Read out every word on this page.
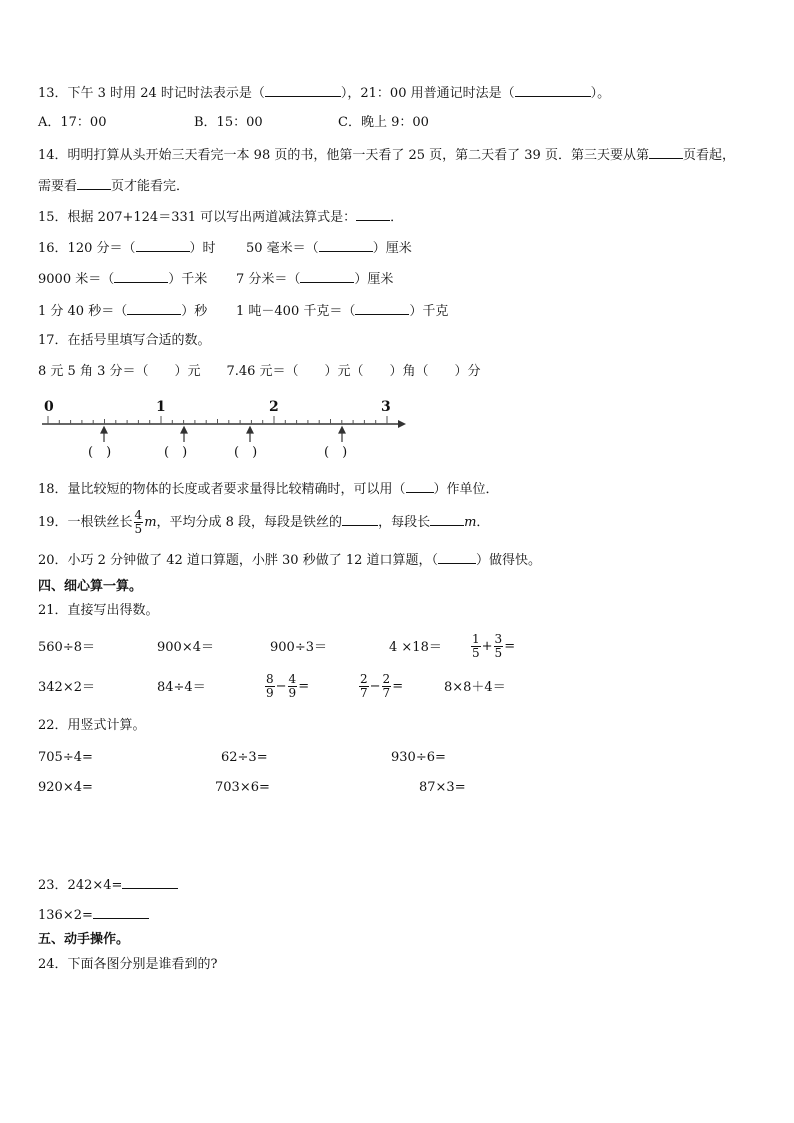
13．下午 3 时用 24 时记时法表示是（	），21：00 用普通记时法是（	）。
A．17：00	B．15：00	C．晚上 9：00
14．明明打算从头开始三天看完一本 98 页的书，他第一天看了 25 页，第二天看了 39 页．第三天要从第	页看起，
需要看	页才能看完．
15．根据 207+124＝331 可以写出两道减法算式是：	．
16．120 分＝（	）时 50 毫米＝（	）厘米
9000 米＝（	）千米 7 分米＝（	）厘米
1 分 40 秒＝（	）秒 1 吨－400 千克＝（	）千克
17．在括号里填写合适的数。
8 元 5 角 3 分＝（　　）元　　7.46 元＝（　　）元（　　）角（　　）分
0	1	2	3
(　)	(　)	(　)	(　)
18．量比较短的物体的长度或者要求量得比较精确时，可以用（ ）作单位．
19．一根铁丝长 $\frac{4}{5}$ m，平均分成 8 段，每段是铁丝的	，每段长	m．
20．小巧 2 分钟做了 42 道口算题，小胖 30 秒做了 12 道口算题，（	）做得快。
四、细心算一算。
21．直接写出得数。
560÷8＝	900×4＝	900÷3＝	$4 \times 18= \frac{1}{5} + \frac{3}{5}$ =
342×2＝	84÷4＝	$\frac{8}{9} - \frac{4}{9}$ =	$\frac{2}{7} - \frac{2}{7}$ =	8×8＋4＝
22．用竖式计算。
705÷4=	62÷3=	930÷6=
920×4=	703×6=	87×3=
23．242×4=
136×2=
五、动手操作。
24．下面各图分别是谁看到的?
